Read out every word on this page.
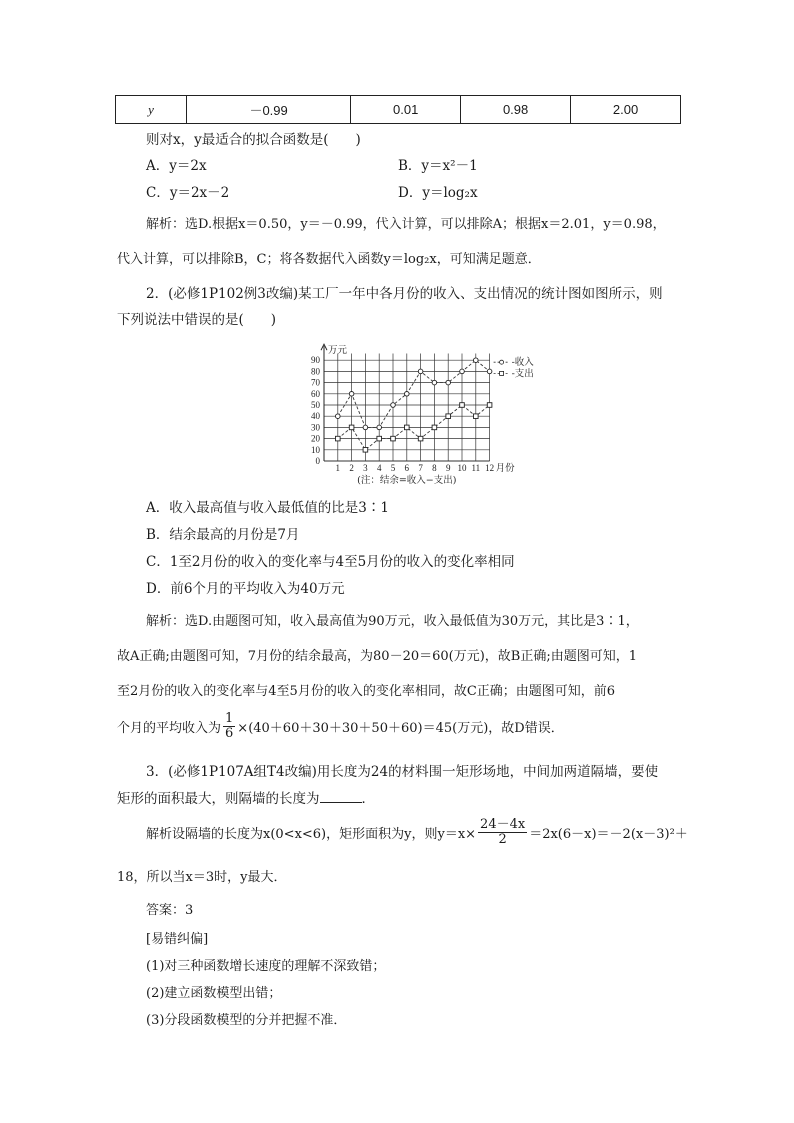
y	－0.99	0.01	0.98	2.00
则对x，y最适合的拟合函数是(　　)
A．y＝2x	B．y＝x²－1
C．y＝2x－2	D．y＝log₂x
解析：选D.根据x＝0.50，y＝－0.99，代入计算，可以排除A；根据x＝2.01，y＝0.98，
代入计算，可以排除B，C；将各数据代入函数y＝log₂x，可知满足题意．
2．(必修1P102例3改编)某工厂一年中各月份的收入、支出情况的统计图如图所示，则
下列说法中错误的是(　　)
0
10
20
30
40
50
60
70
80
90
1 2 3 4 5 6 7 8 9 10 11 12
万元
月份
(注：结余=收入−支出)
-收入
-支出
A．收入最高值与收入最低值的比是3∶1
B．结余最高的月份是7月
C．1至2月份的收入的变化率与4至5月份的收入的变化率相同
D．前6个月的平均收入为40万元
解析：选D.由题图可知，收入最高值为90万元，收入最低值为30万元，其比是3∶1，
故A正确;由题图可知，7月份的结余最高，为80－20＝60(万元)，故B正确;由题图可知，1
至2月份的收入的变化率与4至5月份的收入的变化率相同，故C正确；由题图可知，前6
个月的平均收入为 $\frac{1}{6} \times(40+60+30+30+50+60)=45$(万元)，故D错误．
3．(必修1P107A组T4改编)用长度为24的材料围一矩形场地，中间加两道隔墙，要使
矩形的面积最大，则隔墙的长度为	．
解析设隔墙的长度为x(0<x<6)，矩形面积为y，则$y=x\times \frac{24-4x}{2} =2x(6-x)=-2(x-3)^2+$
18，所以当x＝3时，y最大．
答案：3
[易错纠偏]
(1)对三种函数增长速度的理解不深致错；
(2)建立函数模型出错；
(3)分段函数模型的分并把握不准．
